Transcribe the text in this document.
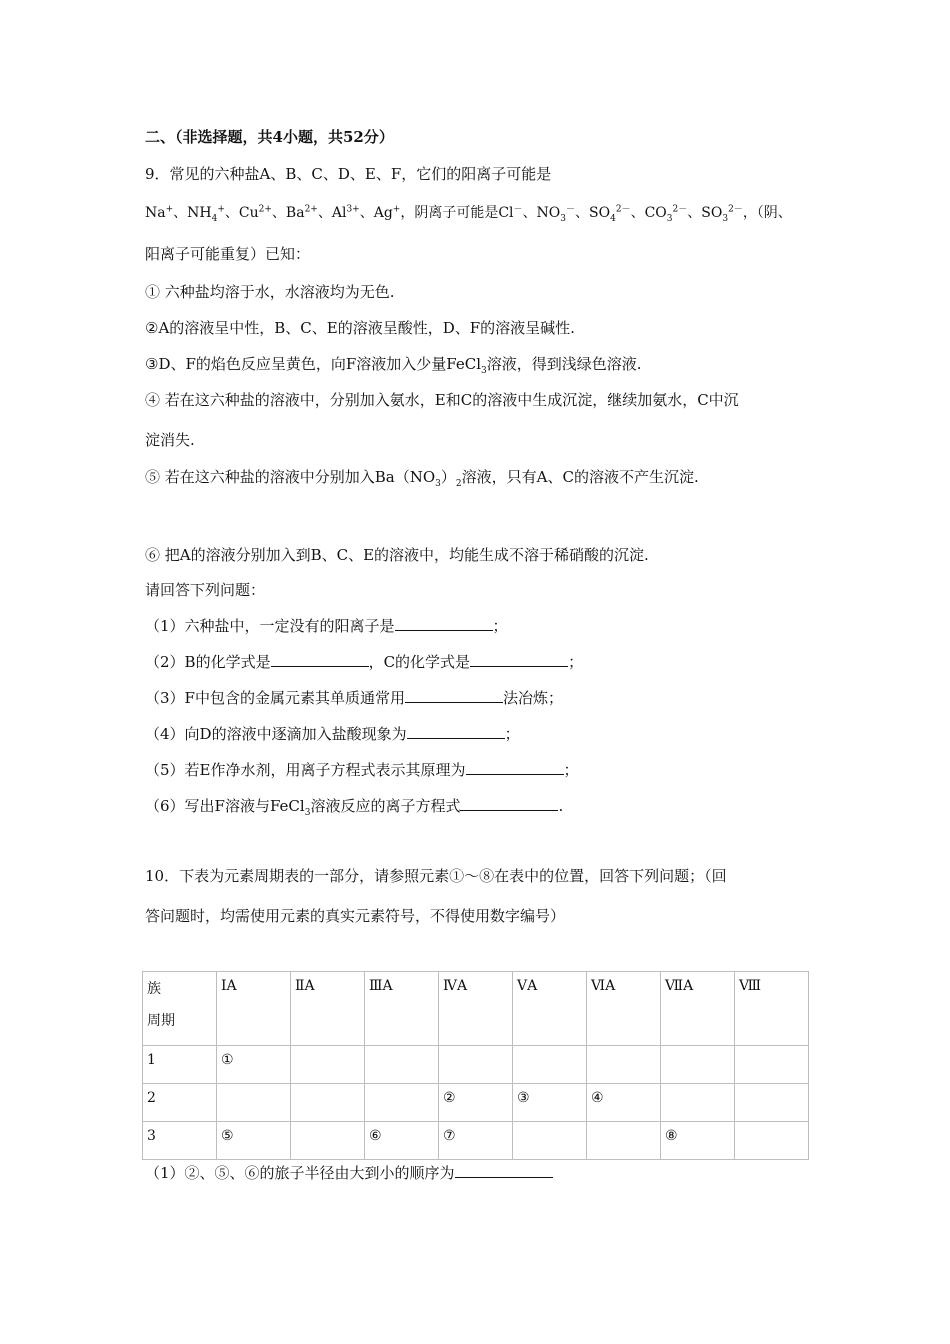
二、（非选择题，共4小题，共52分）
9．常见的六种盐A、B、C、D、E、F，它们的阳离子可能是
Na+、$NH_4^+$、$Cu^{2+}$、$Ba^{2+}$、$Al^{3+}$、Ag+，阴离子可能是Cl－、$NO_3^-$、$SO_4^{2-}$、$CO_3^{2-}$、$SO_3^{2-}$，（阴、
阳离子可能重复）已知：
① 六种盐均溶于水，水溶液均为无色.
②A的溶液呈中性，B、C、E的溶液呈酸性，D、F的溶液呈碱性.
③D、F的焰色反应呈黄色，向F溶液加入少量FeCl$_3$溶液，得到浅绿色溶液.
④ 若在这六种盐的溶液中，分别加入氨水，E和C的溶液中生成沉淀，继续加氨水，C中沉
淀消失.
⑤ 若在这六种盐的溶液中分别加入$Ba(NO_3)_2$溶液，只有A、C的溶液不产生沉淀.
⑥ 把A的溶液分别加入到B、C、E的溶液中，均能生成不溶于稀硝酸的沉淀.
请回答下列问题：
（1）六种盐中，一定没有的阳离子是	；
（2）B的化学式是	，C的化学式是	；
（3）F中包含的金属元素其单质通常用	法冶炼；
（4）向D的溶液中逐滴加入盐酸现象为	；
（5）若E作净水剂，用离子方程式表示其原理为	；
（6）写出F溶液与FeCl$_3$溶液反应的离子方程式	.
10．下表为元素周期表的一部分，请参照元素①～⑧在表中的位置，回答下列问题；（回
答问题时，均需使用元素的真实元素符号，不得使用数字编号）
族
周期	ⅠA	ⅡA	ⅢA	ⅣA	ⅤA	ⅥA	ⅦA	Ⅷ
1	①							
2				②	③	④		
3	⑤		⑥	⑦			⑧	
（1）②、⑤、⑥的旅子半径由大到小的顺序为
